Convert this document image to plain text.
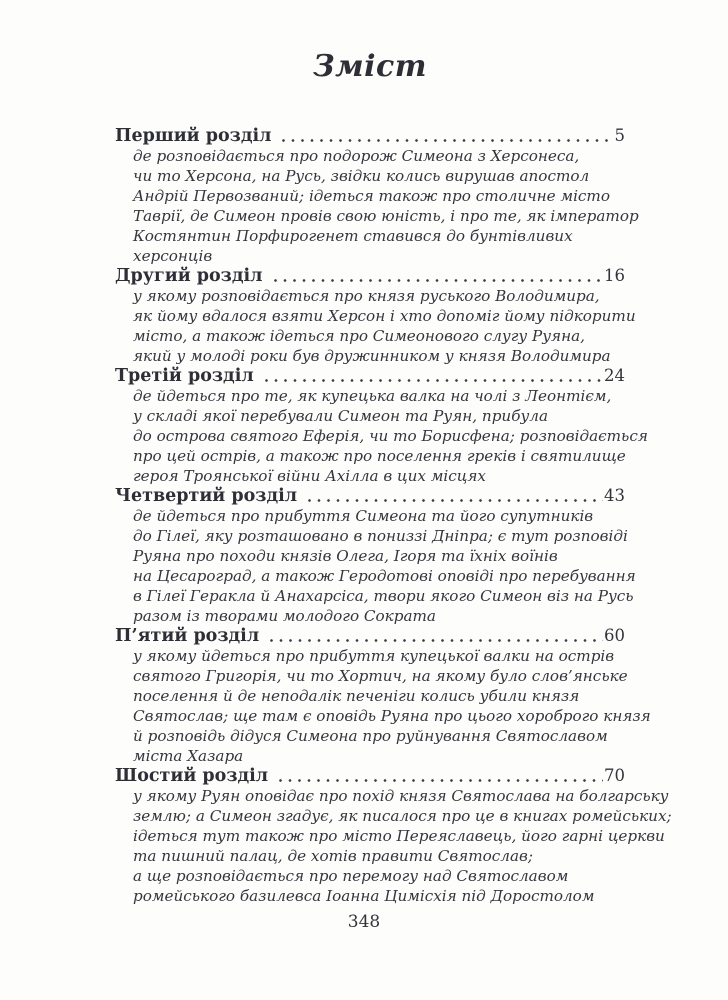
Зміст
Перший розділ	5
де розповідається про подорож Симеона з Херсонеса,
чи то Херсона, на Русь, звідки колись вирушав апостол
Андрій Первозваний; ідеться також про столичне місто
Таврії, де Симеон провів свою юність, і про те, як імператор
Костянтин Порфирогенет ставився до бунтівливих
херсонців
Другий розділ	16
у якому розповідається про князя руського Володимира,
як йому вдалося взяти Херсон і хто допоміг йому підкорити
місто, а також ідеться про Симеонового слугу Руяна,
який у молоді роки був дружинником у князя Володимира
Третій розділ	24
де йдеться про те, як купецька валка на чолі з Леонтієм,
у складі якої перебували Симеон та Руян, прибула
до острова святого Еферія, чи то Борисфена; розповідається
про цей острів, а також про поселення греків і святилище
героя Троянської війни Ахілла в цих місцях
Четвертий розділ	43
де йдеться про прибуття Симеона та його супутників
до Гілеї, яку розташовано в пониззі Дніпра; є тут розповіді
Руяна про походи князів Олега, Ігоря та їхніх воїнів
на Цесароград, а також Геродотові оповіді про перебування
в Гілеї Геракла й Анахарсіса, твори якого Симеон віз на Русь
разом із творами молодого Сократа
П’ятий розділ	60
у якому йдеться про прибуття купецької валки на острів
святого Григорія, чи то Хортич, на якому було слов’янське
поселення й де неподалік печеніги колись убили князя
Святослав; ще там є оповідь Руяна про цього хороброго князя
й розповідь дідуся Симеона про руйнування Святославом
міста Хазара
Шостий розділ	70
у якому Руян оповідає про похід князя Святослава на болгарську
землю; а Симеон згадує, як писалося про це в книгах ромейських;
ідеться тут також про місто Переяславець, його гарні церкви
та пишний палац, де хотів правити Святослав;
а ще розповідається про перемогу над Святославом
ромейського базилевса Іоанна Цимісхія під Доростолом
348
